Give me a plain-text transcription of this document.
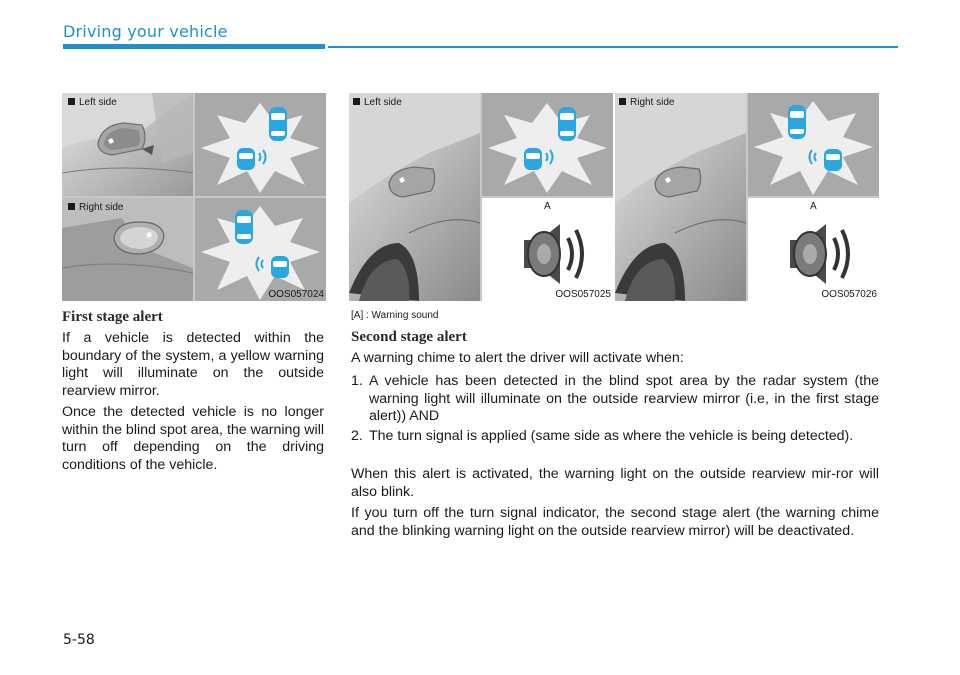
Driving your vehicle
Left side
Right side
OOS057024
A
Left side
OOS057025
A
Right side
OOS057026
[A] : Warning sound
First stage alert
If a vehicle is detected within the boundary of the system, a yellow warning light will illuminate on the outside rearview mirror.
Once the detected vehicle is no longer within the blind spot area, the warning will turn off depending on the driving conditions of the vehicle.
Second stage alert
A warning chime to alert the driver will activate when:
1. A vehicle has been detected in the blind spot area by the radar system (the warning light will illuminate on the outside rearview mirror (i.e, in the first stage alert)) AND
2. The turn signal is applied (same side as where the vehicle is being detected).
When this alert is activated, the warning light on the outside rearview mir-ror will also blink.
If you turn off the turn signal indicator, the second stage alert (the warning chime and the blinking warning light on the outside rearview mirror) will be deactivated.
5-58
